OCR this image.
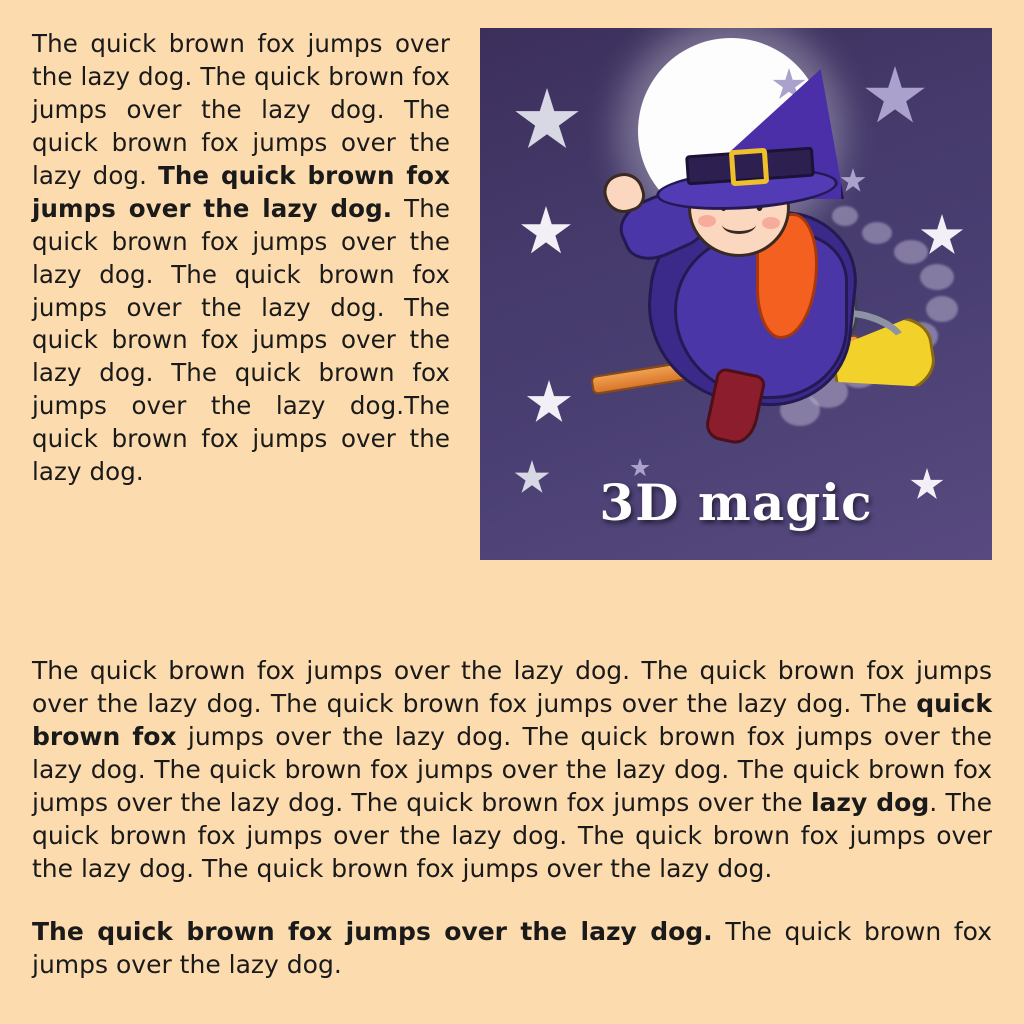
The quick brown fox jumps over the lazy dog. The quick brown fox jumps over the lazy dog. The quick brown fox jumps over the lazy dog. The quick brown fox jumps over the lazy dog. The quick brown fox jumps over the lazy dog. The quick brown fox jumps over the lazy dog. The quick brown fox jumps over the lazy dog. The quick brown fox jumps over the lazy dog.The quick brown fox jumps over the lazy dog.
3D magic

The quick brown fox jumps over the lazy dog. The quick brown fox jumps over the lazy dog. The quick brown fox jumps over the lazy dog. The quick brown fox jumps over the lazy dog. The quick brown fox jumps over the lazy dog. The quick brown fox jumps over the lazy dog. The quick brown fox jumps over the lazy dog. The quick brown fox jumps over the lazy dog. The quick brown fox jumps over the lazy dog. The quick brown fox jumps over the lazy dog. The quick brown fox jumps over the lazy dog.

The quick brown fox jumps over the lazy dog. The quick brown fox jumps over the lazy dog.
